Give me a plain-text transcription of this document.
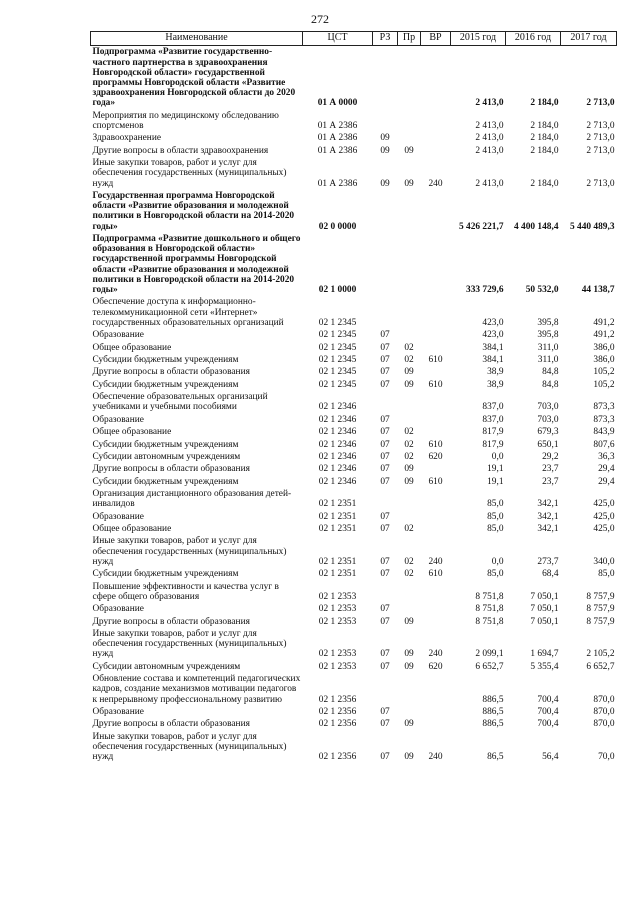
272
Наименование	ЦСТ	РЗ	Пр	ВР	2015 год	2016 год	2017 год
Подпрограмма «Развитие государственно-частного партнерства в здравоохранения Новгородской области» государственной программы Новгородской области «Развитие здравоохранения Новгородской области до 2020 года»	01 А 0000				2 413,0	2 184,0	2 713,0
Мероприятия по медицинскому обследованию спортсменов	01 А 2386				2 413,0	2 184,0	2 713,0
Здравоохранение	01 А 2386	09			2 413,0	2 184,0	2 713,0
Другие вопросы в области здравоохранения	01 А 2386	09	09		2 413,0	2 184,0	2 713,0
Иные закупки товаров, работ и услуг для обеспечения государственных (муниципальных) нужд	01 А 2386	09	09	240	2 413,0	2 184,0	2 713,0
Государственная программа Новгородской области «Развитие образования и молодежной политики в Новгородской области на 2014-2020 годы»	02 0 0000				5 426 221,7	4 400 148,4	5 440 489,3
Подпрограмма «Развитие дошкольного и общего образования в Новгородской области» государственной программы Новгородской области «Развитие образования и молодежной политики в Новгородской области на 2014-2020 годы»	02 1 0000				333 729,6	50 532,0	44 138,7
Обеспечение доступа к информационно-телекоммуникационной сети «Интернет» государственных образовательных организаций	02 1 2345				423,0	395,8	491,2
Образование	02 1 2345	07			423,0	395,8	491,2
Общее образование	02 1 2345	07	02		384,1	311,0	386,0
Субсидии бюджетным учреждениям	02 1 2345	07	02	610	384,1	311,0	386,0
Другие вопросы в области образования	02 1 2345	07	09		38,9	84,8	105,2
Субсидии бюджетным учреждениям	02 1 2345	07	09	610	38,9	84,8	105,2
Обеспечение образовательных организаций учебниками и учебными пособиями	02 1 2346				837,0	703,0	873,3
Образование	02 1 2346	07			837,0	703,0	873,3
Общее образование	02 1 2346	07	02		817,9	679,3	843,9
Субсидии бюджетным учреждениям	02 1 2346	07	02	610	817,9	650,1	807,6
Субсидии автономным учреждениям	02 1 2346	07	02	620	0,0	29,2	36,3
Другие вопросы в области образования	02 1 2346	07	09		19,1	23,7	29,4
Субсидии бюджетным учреждениям	02 1 2346	07	09	610	19,1	23,7	29,4
Организация дистанционного образования детей-инвалидов	02 1 2351				85,0	342,1	425,0
Образование	02 1 2351	07			85,0	342,1	425,0
Общее образование	02 1 2351	07	02		85,0	342,1	425,0
Иные закупки товаров, работ и услуг для обеспечения государственных (муниципальных) нужд	02 1 2351	07	02	240	0,0	273,7	340,0
Субсидии бюджетным учреждениям	02 1 2351	07	02	610	85,0	68,4	85,0
Повышение эффективности и качества услуг в сфере общего образования	02 1 2353				8 751,8	7 050,1	8 757,9
Образование	02 1 2353	07			8 751,8	7 050,1	8 757,9
Другие вопросы в области образования	02 1 2353	07	09		8 751,8	7 050,1	8 757,9
Иные закупки товаров, работ и услуг для обеспечения государственных (муниципальных) нужд	02 1 2353	07	09	240	2 099,1	1 694,7	2 105,2
Субсидии автономным учреждениям	02 1 2353	07	09	620	6 652,7	5 355,4	6 652,7
Обновление состава и компетенций педагогических кадров, создание механизмов мотивации педагогов к непрерывному профессиональному развитию	02 1 2356				886,5	700,4	870,0
Образование	02 1 2356	07			886,5	700,4	870,0
Другие вопросы в области образования	02 1 2356	07	09		886,5	700,4	870,0
Иные закупки товаров, работ и услуг для обеспечения государственных (муниципальных) нужд	02 1 2356	07	09	240	86,5	56,4	70,0
